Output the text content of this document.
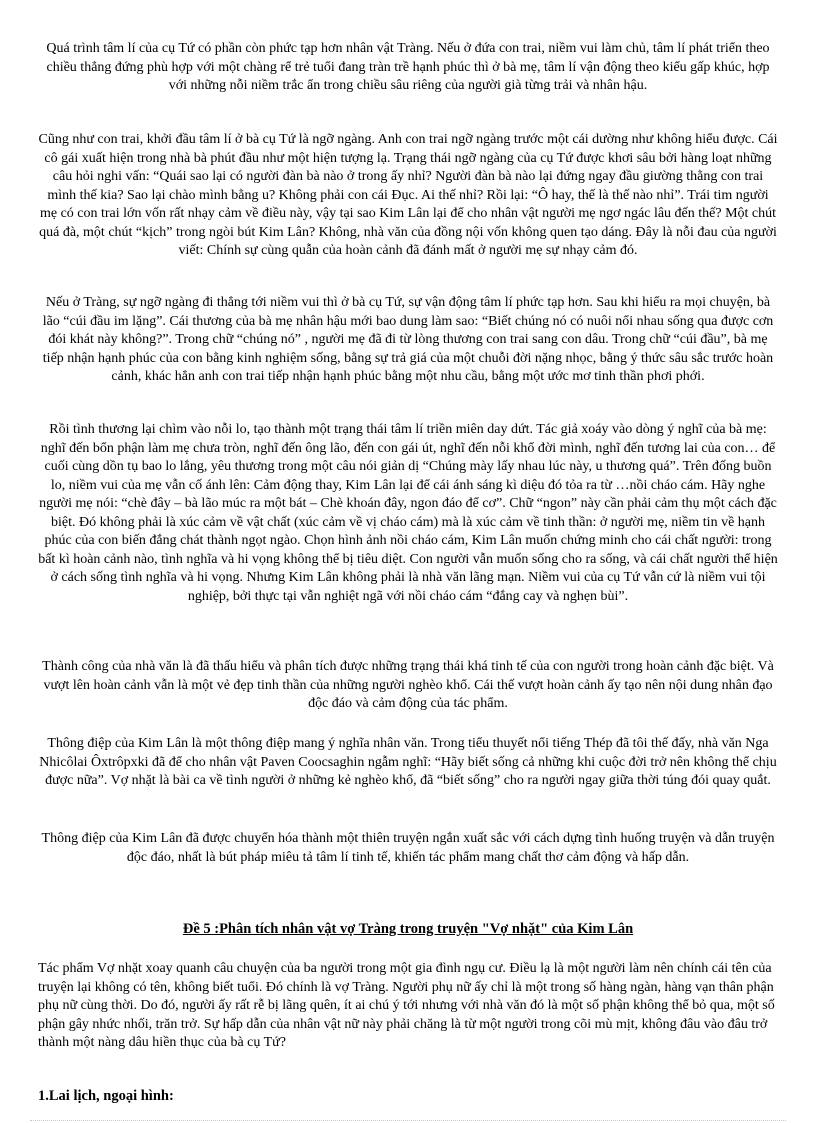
Quá trình tâm lí của cụ Tứ có phần còn phức tạp hơn nhân vật Tràng. Nếu ở đứa con trai, niềm vui làm chủ, tâm lí phát triển theo chiều thẳng đứng phù hợp với một chàng rể trẻ tuổi đang tràn trề hạnh phúc thì ở bà mẹ, tâm lí vận động theo kiểu gấp khúc, hợp với những nỗi niềm trắc ẩn trong chiều sâu riêng của người già từng trải và nhân hậu.

Cũng như con trai, khởi đầu tâm lí ở bà cụ Tứ là ngỡ ngàng. Anh con trai ngỡ ngàng trước một cái dường như không hiểu được. Cái cô gái xuất hiện trong nhà bà phút đầu như một hiện tượng lạ. Trạng thái ngỡ ngàng của cụ Tứ được khơi sâu bởi hàng loạt những câu hỏi nghi vấn: “Quái sao lại có người đàn bà nào ở trong ấy nhỉ? Người đàn bà nào lại đứng ngay đầu giường thằng con trai mình thế kia? Sao lại chào mình bằng u? Không phải con cái Đục. Ai thế nhỉ? Rồi lại: “Ô hay, thế là thế nào nhỉ”. Trái tim người mẹ có con trai lớn vốn rất nhạy cảm về điều này, vậy tại sao Kim Lân lại để cho nhân vật người mẹ ngơ ngác lâu đến thế? Một chút quá đà, một chút “kịch” trong ngòi bút Kim Lân? Không, nhà văn của đồng nội vốn không quen tạo dáng. Đây là nỗi đau của người viết: Chính sự cùng quẫn của hoàn cảnh đã đánh mất ở người mẹ sự nhạy cảm đó.

Nếu ở Tràng, sự ngỡ ngàng đi thẳng tới niềm vui thì ở bà cụ Tứ, sự vận động tâm lí phức tạp hơn. Sau khi hiểu ra mọi chuyện, bà lão “cúi đầu im lặng”. Cái thương của bà mẹ nhân hậu mới bao dung làm sao: “Biết chúng nó có nuôi nổi nhau sống qua được cơn đói khát này không?”. Trong chữ “chúng nó” , người mẹ đã đi từ lòng thương con trai sang con dâu. Trong chữ “cúi đầu”, bà mẹ tiếp nhận hạnh phúc của con bằng kinh nghiệm sống, bằng sự trả giá của một chuỗi đời nặng nhọc, bằng ý thức sâu sắc trước hoàn cảnh, khác hẳn anh con trai tiếp nhận hạnh phúc bằng một nhu cầu, bằng một ước mơ tinh thần phơi phới.

Rồi tình thương lại chìm vào nỗi lo, tạo thành một trạng thái tâm lí triền miên day dứt. Tác giả xoáy vào dòng ý nghĩ của bà mẹ: nghĩ đến bổn phận làm mẹ chưa tròn, nghĩ đến ông lão, đến con gái út, nghĩ đến nỗi khổ đời mình, nghĩ đến tương lai của con… để cuối cùng dồn tụ bao lo lắng, yêu thương trong một câu nói giản dị “Chúng mày lấy nhau lúc này, u thương quá”. Trên đống buồn lo, niềm vui của mẹ vẫn cố ánh lên: Cảm động thay, Kim Lân lại để cái ánh sáng kì diệu đó tỏa ra từ …nồi cháo cám. Hãy nghe người mẹ nói: “chè đây – bà lão múc ra một bát – Chè khoán đây, ngon đáo để cơ”. Chữ “ngon” này cần phải cảm thụ một cách đặc biệt. Đó không phải là xúc cảm về vật chất (xúc cảm về vị cháo cám) mà là xúc cảm về tinh thần: ở người mẹ, niềm tin về hạnh phúc của con biến đắng chát thành ngọt ngào. Chọn hình ảnh nồi cháo cám, Kim Lân muốn chứng minh cho cái chất người: trong bất kì hoàn cảnh nào, tình nghĩa và hi vọng không thể bị tiêu diệt. Con người vẫn muốn sống cho ra sống, và cái chất người thể hiện ở cách sống tình nghĩa và hi vọng. Nhưng Kim Lân không phải là nhà văn lãng mạn. Niềm vui của cụ Tứ vẫn cứ là niềm vui tội nghiệp, bởi thực tại vẫn nghiệt ngã với nồi cháo cám “đắng cay và nghẹn bùi”.

Thành công của nhà văn là đã thấu hiểu và phân tích được những trạng thái khá tinh tế của con người trong hoàn cảnh đặc biệt. Và vượt lên hoàn cảnh vẫn là một vẻ đẹp tinh thần của những người nghèo khổ. Cái thế vượt hoàn cảnh ấy tạo nên nội dung nhân đạo độc đáo và cảm động của tác phẩm.

Thông điệp của Kim Lân là một thông điệp mang ý nghĩa nhân văn. Trong tiểu thuyết nổi tiếng Thép đã tôi thế đấy, nhà văn Nga Nhicôlai Ôxtrôpxki đã để cho nhân vật Paven Coocsaghin ngẫm nghĩ: “Hãy biết sống cả những khi cuộc đời trở nên không thể chịu được nữa”. Vợ nhặt là bài ca về tình người ở những kẻ nghèo khổ, đã “biết sống” cho ra người ngay giữa thời túng đói quay quắt.

Thông điệp của Kim Lân đã được chuyển hóa thành một thiên truyện ngắn xuất sắc với cách dựng tình huống truyện và dẫn truyện độc đáo, nhất là bút pháp miêu tả tâm lí tinh tế, khiến tác phẩm mang chất thơ cảm động và hấp dẫn.

Đề 5 :Phân tích nhân vật vợ Tràng trong truyện "Vợ nhặt" của Kim Lân

Tác phẩm Vợ nhặt xoay quanh câu chuyện của ba người trong một gia đình ngụ cư. Điều lạ là một người làm nên chính cái tên của truyện lại không có tên, không biết tuổi. Đó chính là vợ Tràng. Người phụ nữ ấy chỉ là một trong số hàng ngàn, hàng vạn thân phận phụ nữ cùng thời. Do đó, người ấy rất rễ bị lãng quên, ít ai chú ý tới nhưng với nhà văn đó là một số phận không thể bỏ qua, một số phận gây nhức nhối, trăn trở. Sự hấp dẫn của nhân vật nữ này phải chăng là từ một người trong cõi mù mịt, không đâu vào đâu trở thành một nàng dâu hiền thục của bà cụ Tứ?

1.Lai lịch, ngoại hình:
